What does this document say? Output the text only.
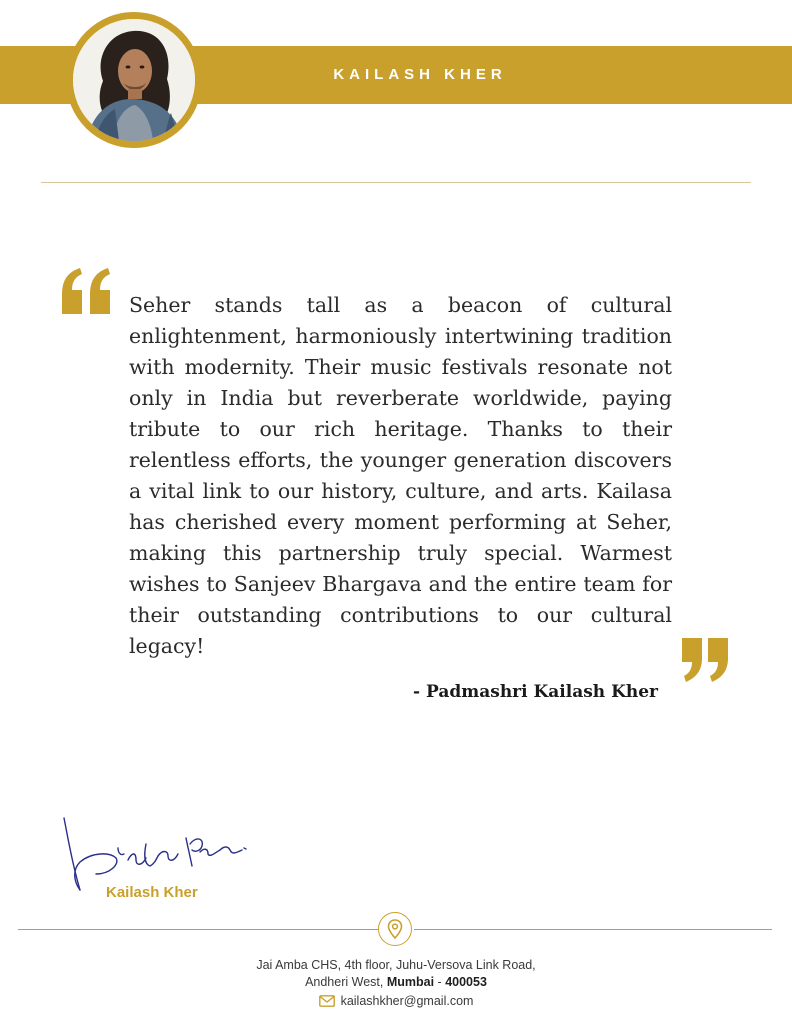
KAILASH KHER

Seher stands tall as a beacon of cultural enlightenment, harmoniously intertwining tradition with modernity. Their music festivals resonate not only in India but reverberate worldwide, paying tribute to our rich heritage. Thanks to their relentless efforts, the younger generation discovers a vital link to our history, culture, and arts. Kailasa has cherished every moment performing at Seher, making this partnership truly special. Warmest wishes to Sanjeev Bhargava and the entire team for their outstanding contributions to our cultural legacy!

- Padmashri Kailash Kher
Kailash Kher
Jai Amba CHS, 4th floor, Juhu-Versova Link Road,
Andheri West, Mumbai - 400053
kailashkher@gmail.com
